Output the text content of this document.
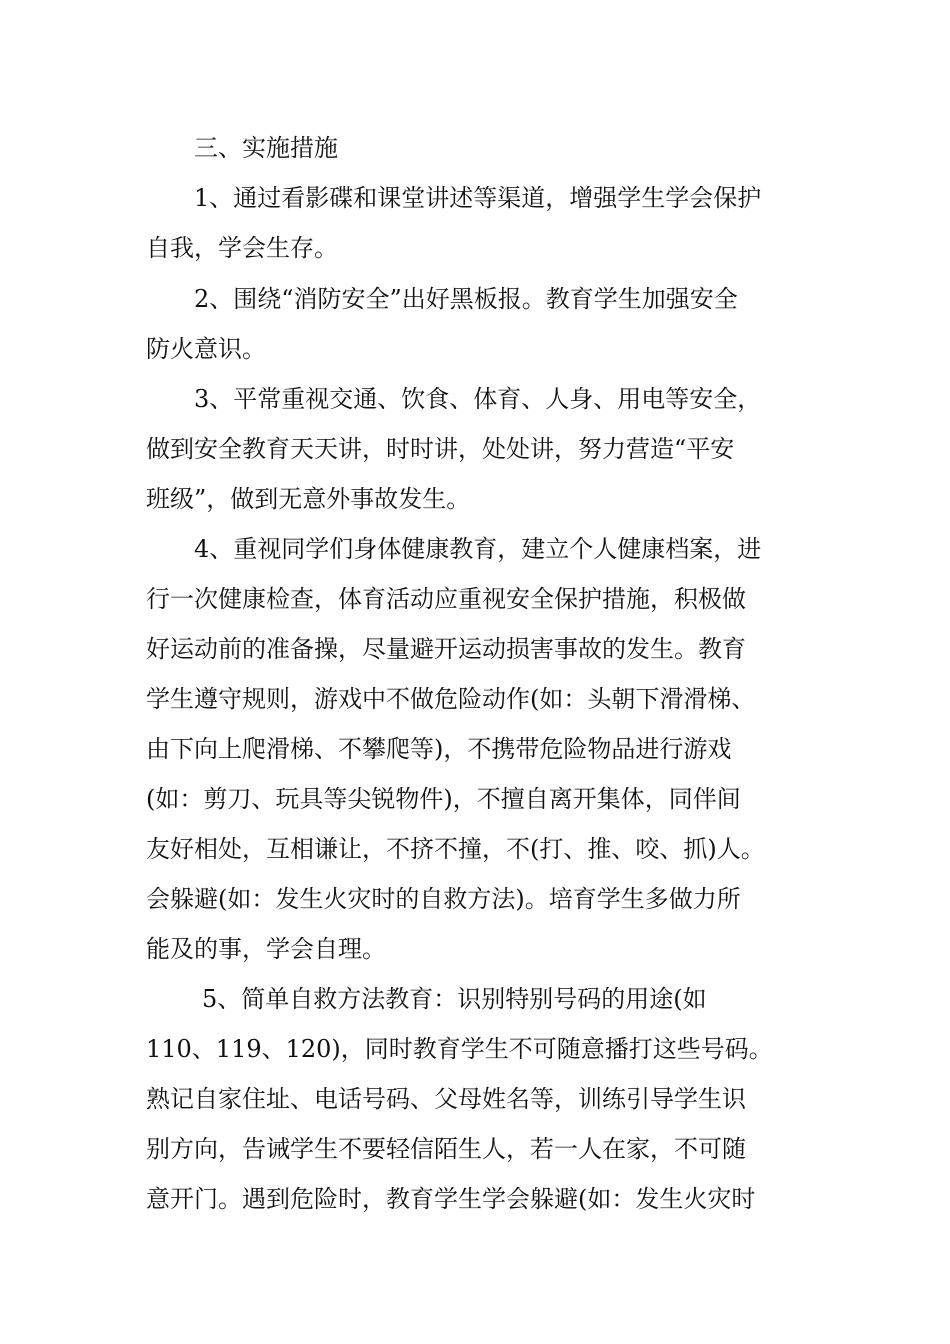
三、实施措施
1、通过看影碟和课堂讲述等渠道，增强学生学会保护
自我，学会生存。
2、围绕“消防安全”出好黑板报。教育学生加强安全
防火意识。
3、平常重视交通、饮食、体育、人身、用电等安全，
做到安全教育天天讲，时时讲，处处讲，努力营造“平安
班级”，做到无意外事故发生。
4、重视同学们身体健康教育，建立个人健康档案，进
行一次健康检查，体育活动应重视安全保护措施，积极做
好运动前的准备操，尽量避开运动损害事故的发生。教育
学生遵守规则，游戏中不做危险动作(如：头朝下滑滑梯、
由下向上爬滑梯、不攀爬等)，不携带危险物品进行游戏
(如：剪刀、玩具等尖锐物件)，不擅自离开集体，同伴间
友好相处，互相谦让，不挤不撞，不(打、推、咬、抓)人。
会躲避(如：发生火灾时的自救方法)。培育学生多做力所
能及的事，学会自理。
5、简单自救方法教育：识别特别号码的用途(如
110、119、120)，同时教育学生不可随意播打这些号码。
熟记自家住址、电话号码、父母姓名等，训练引导学生识
别方向，告诫学生不要轻信陌生人，若一人在家，不可随
意开门。遇到危险时，教育学生学会躲避(如：发生火灾时
